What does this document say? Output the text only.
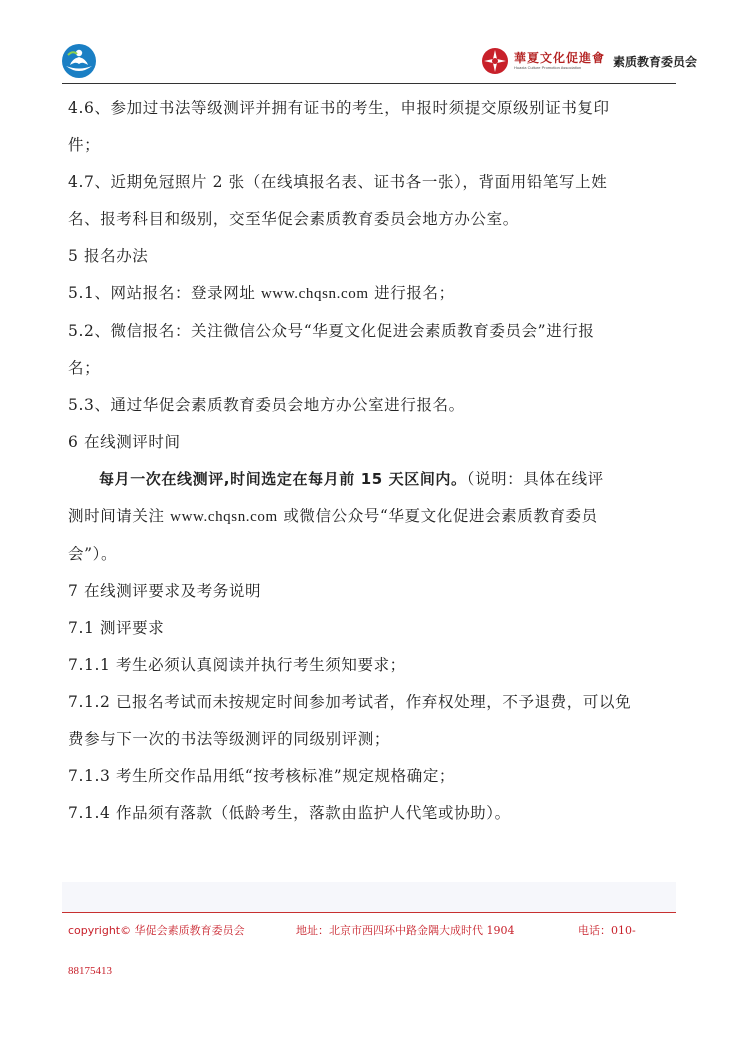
華夏文化促進會
Huaxia Culture Promotion Association	素质教育委员会

4.6、参加过书法等级测评并拥有证书的考生，申报时须提交原级别证书复印

件；

4.7、近期免冠照片 2 张（在线填报名表、证书各一张），背面用铅笔写上姓

名、报考科目和级别，交至华促会素质教育委员会地方办公室。

5 报名办法

5.1、网站报名：登录网址 www.chqsn.com 进行报名；

5.2、微信报名：关注微信公众号“华夏文化促进会素质教育委员会”进行报

名；

5.3、通过华促会素质教育委员会地方办公室进行报名。

6 在线测评时间

每月一次在线测评,时间选定在每月前 15 天区间内。（说明：具体在线评

测时间请关注 www.chqsn.com 或微信公众号“华夏文化促进会素质教育委员

会”）。

7 在线测评要求及考务说明

7.1 测评要求

7.1.1 考生必须认真阅读并执行考生须知要求；

7.1.2 已报名考试而未按规定时间参加考试者，作弃权处理，不予退费，可以免

费参与下一次的书法等级测评的同级别评测；

7.1.3 考生所交作品用纸“按考核标准”规定规格确定；

7.1.4 作品须有落款（低龄考生，落款由监护人代笔或协助）。

copyright© 华促会素质教育委员会	地址：北京市西四环中路金隅大成时代 1904	电话：010-
88175413
